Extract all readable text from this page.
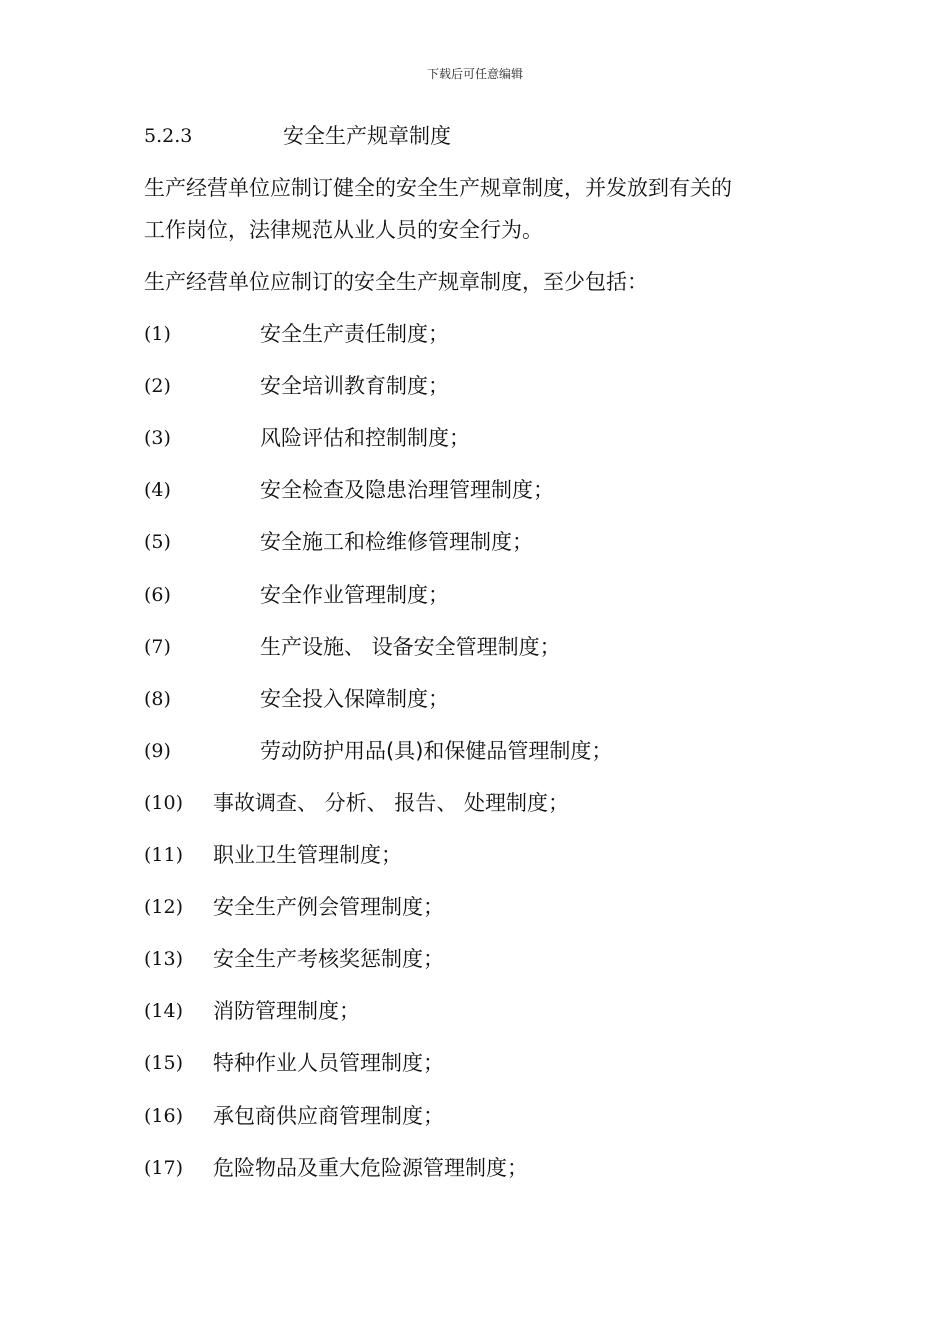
下载后可任意编辑
5.2.3	安全生产规章制度
生产经营单位应制订健全的安全生产规章制度，并发放到有关的
工作岗位，法律规范从业人员的安全行为。
生产经营单位应制订的安全生产规章制度，至少包括：
(1)	安全生产责任制度；
(2)	安全培训教育制度；
(3)	风险评估和控制制度；
(4)	安全检查及隐患治理管理制度；
(5)	安全施工和检维修管理制度；
(6)	安全作业管理制度；
(7)	生产设施、 设备安全管理制度；
(8)	安全投入保障制度；
(9)	劳动防护用品(具)和保健品管理制度；
(10) 事故调查、 分析、 报告、 处理制度；
(11) 职业卫生管理制度；
(12) 安全生产例会管理制度；
(13) 安全生产考核奖惩制度；
(14) 消防管理制度；
(15) 特种作业人员管理制度；
(16) 承包商供应商管理制度；
(17) 危险物品及重大危险源管理制度；
